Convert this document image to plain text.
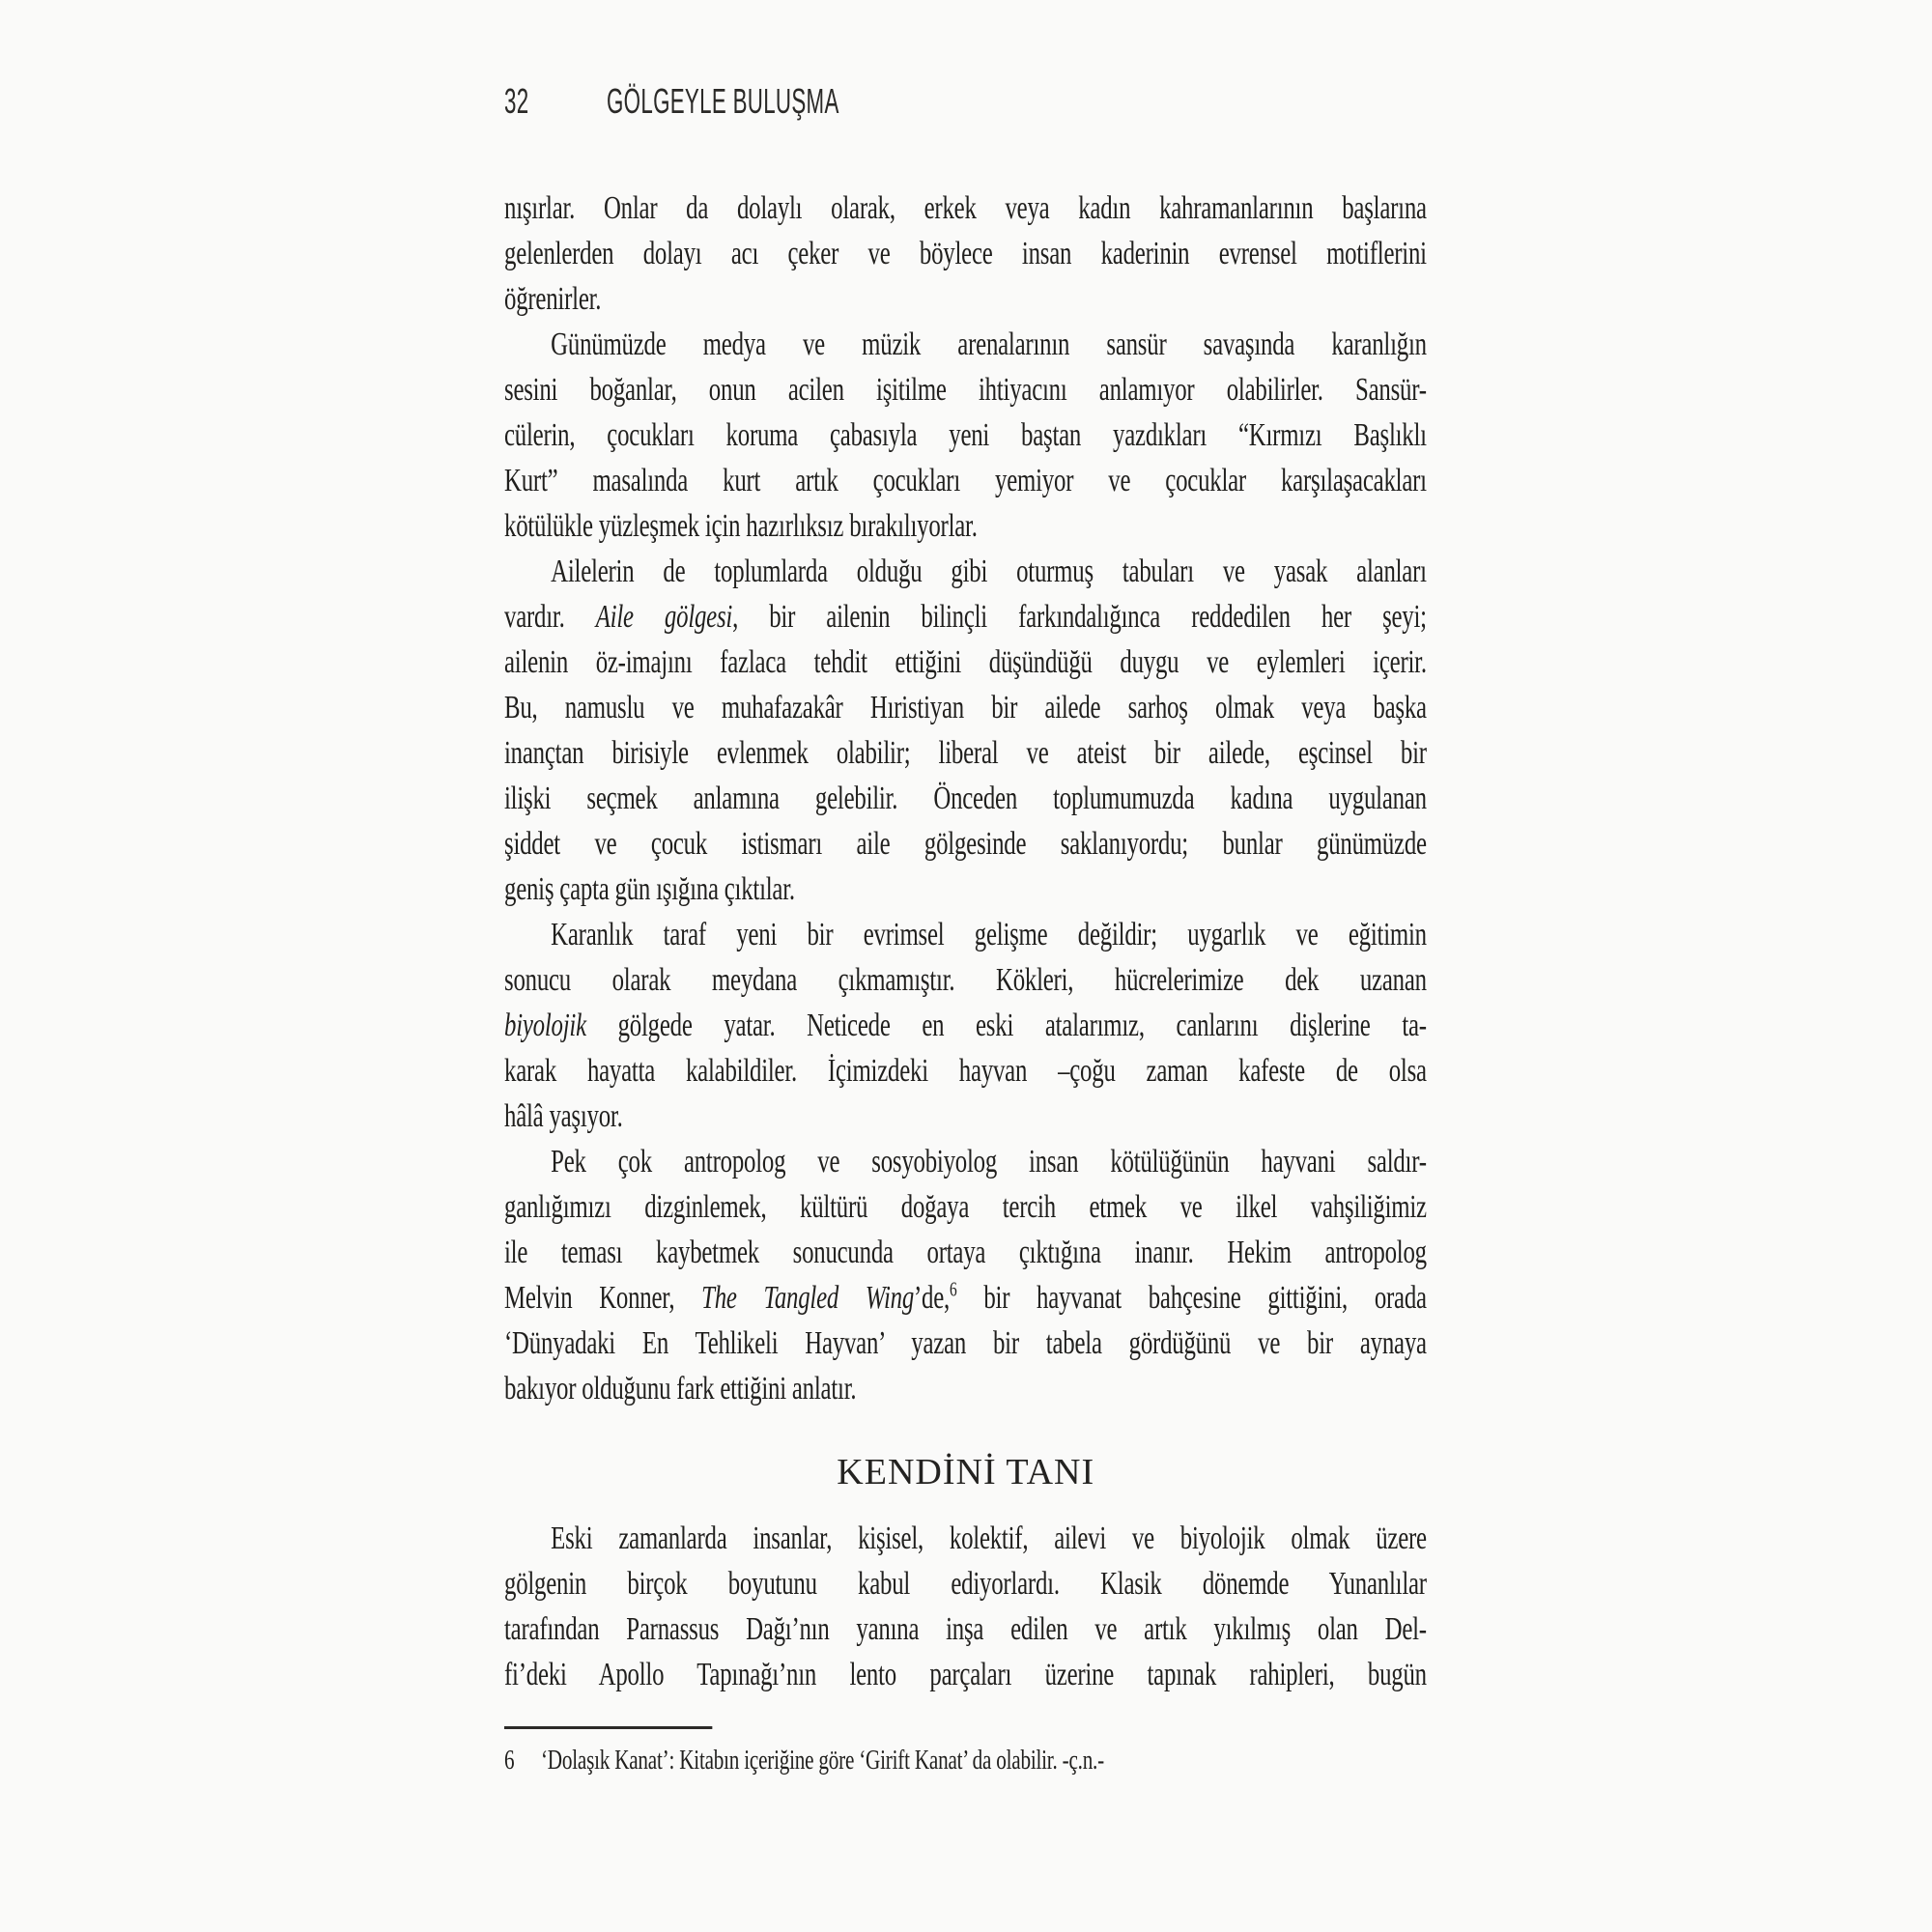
32 GÖLGEYLE BULUŞMA
nışırlar. Onlar da dolaylı olarak, erkek veya kadın kahramanlarının başlarına
gelenlerden dolayı acı çeker ve böylece insan kaderinin evrensel motiflerini
öğrenirler.
Günümüzde medya ve müzik arenalarının sansür savaşında karanlığın
sesini boğanlar, onun acilen işitilme ihtiyacını anlamıyor olabilirler. Sansür-
cülerin, çocukları koruma çabasıyla yeni baştan yazdıkları “Kırmızı Başlıklı
Kurt” masalında kurt artık çocukları yemiyor ve çocuklar karşılaşacakları
kötülükle yüzleşmek için hazırlıksız bırakılıyorlar.
Ailelerin de toplumlarda olduğu gibi oturmuş tabuları ve yasak alanları
vardır. Aile gölgesi, bir ailenin bilinçli farkındalığınca reddedilen her şeyi;
ailenin öz-imajını fazlaca tehdit ettiğini düşündüğü duygu ve eylemleri içerir.
Bu, namuslu ve muhafazakâr Hıristiyan bir ailede sarhoş olmak veya başka
inançtan birisiyle evlenmek olabilir; liberal ve ateist bir ailede, eşcinsel bir
ilişki seçmek anlamına gelebilir. Önceden toplumumuzda kadına uygulanan
şiddet ve çocuk istismarı aile gölgesinde saklanıyordu; bunlar günümüzde
geniş çapta gün ışığına çıktılar.
Karanlık taraf yeni bir evrimsel gelişme değildir; uygarlık ve eğitimin
sonucu olarak meydana çıkmamıştır. Kökleri, hücrelerimize dek uzanan
biyolojik gölgede yatar. Neticede en eski atalarımız, canlarını dişlerine ta-
karak hayatta kalabildiler. İçimizdeki hayvan –çoğu zaman kafeste de olsa
hâlâ yaşıyor.
Pek çok antropolog ve sosyobiyolog insan kötülüğünün hayvani saldır-
ganlığımızı dizginlemek, kültürü doğaya tercih etmek ve ilkel vahşiliğimiz
ile teması kaybetmek sonucunda ortaya çıktığına inanır. Hekim antropolog
Melvin Konner, The Tangled Wing’de,$^6$ bir hayvanat bahçesine gittiğini, orada
‘Dünyadaki En Tehlikeli Hayvan’ yazan bir tabela gördüğünü ve bir aynaya
bakıyor olduğunu fark ettiğini anlatır.
KENDİNİ TANI
Eski zamanlarda insanlar, kişisel, kolektif, ailevi ve biyolojik olmak üzere
gölgenin birçok boyutunu kabul ediyorlardı. Klasik dönemde Yunanlılar
tarafından Parnassus Dağı’nın yanına inşa edilen ve artık yıkılmış olan Del-
fi’deki Apollo Tapınağı’nın lento parçaları üzerine tapınak rahipleri, bugün
6 ‘Dolaşık Kanat’: Kitabın içeriğine göre ‘Girift Kanat’ da olabilir. -ç.n.-
